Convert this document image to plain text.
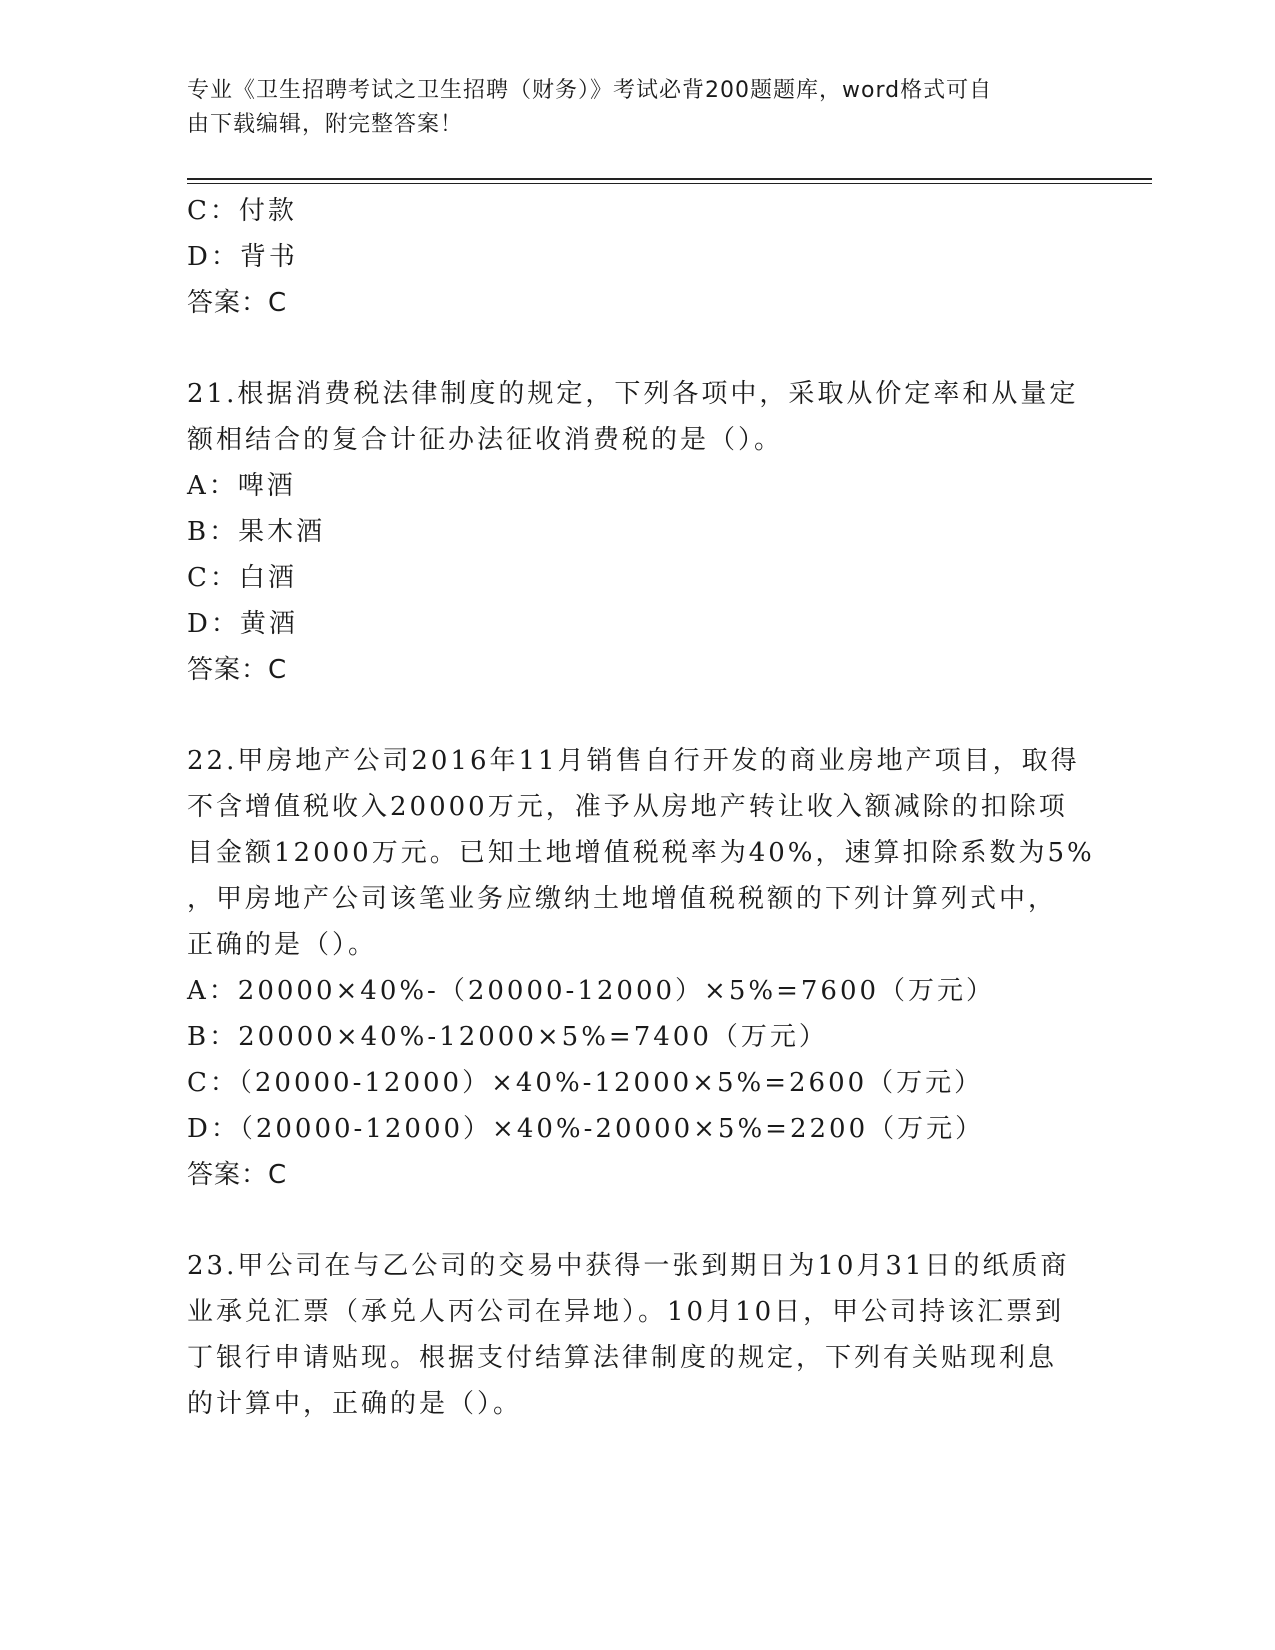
专业《卫生招聘考试之卫生招聘（财务）》考试必背200题题库，word格式可自
由下载编辑，附完整答案！
C：付款
D：背书
答案：C
21.根据消费税法律制度的规定，下列各项中，采取从价定率和从量定
额相结合的复合计征办法征收消费税的是（）。
A：啤酒
B：果木酒
C：白酒
D：黄酒
答案：C
22.甲房地产公司2016年11月销售自行开发的商业房地产项目，取得
不含增值税收入20000万元，准予从房地产转让收入额减除的扣除项
目金额12000万元。已知土地增值税税率为40%，速算扣除系数为5%
，甲房地产公司该笔业务应缴纳土地增值税税额的下列计算列式中，
正确的是（）。
A：20000×40%-（20000-12000）×5%=7600（万元）
B：20000×40%-12000×5%=7400（万元）
C：（20000-12000）×40%-12000×5%=2600（万元）
D：（20000-12000）×40%-20000×5%=2200（万元）
答案：C
23.甲公司在与乙公司的交易中获得一张到期日为10月31日的纸质商
业承兑汇票（承兑人丙公司在异地）。10月10日，甲公司持该汇票到
丁银行申请贴现。根据支付结算法律制度的规定，下列有关贴现利息
的计算中，正确的是（）。
